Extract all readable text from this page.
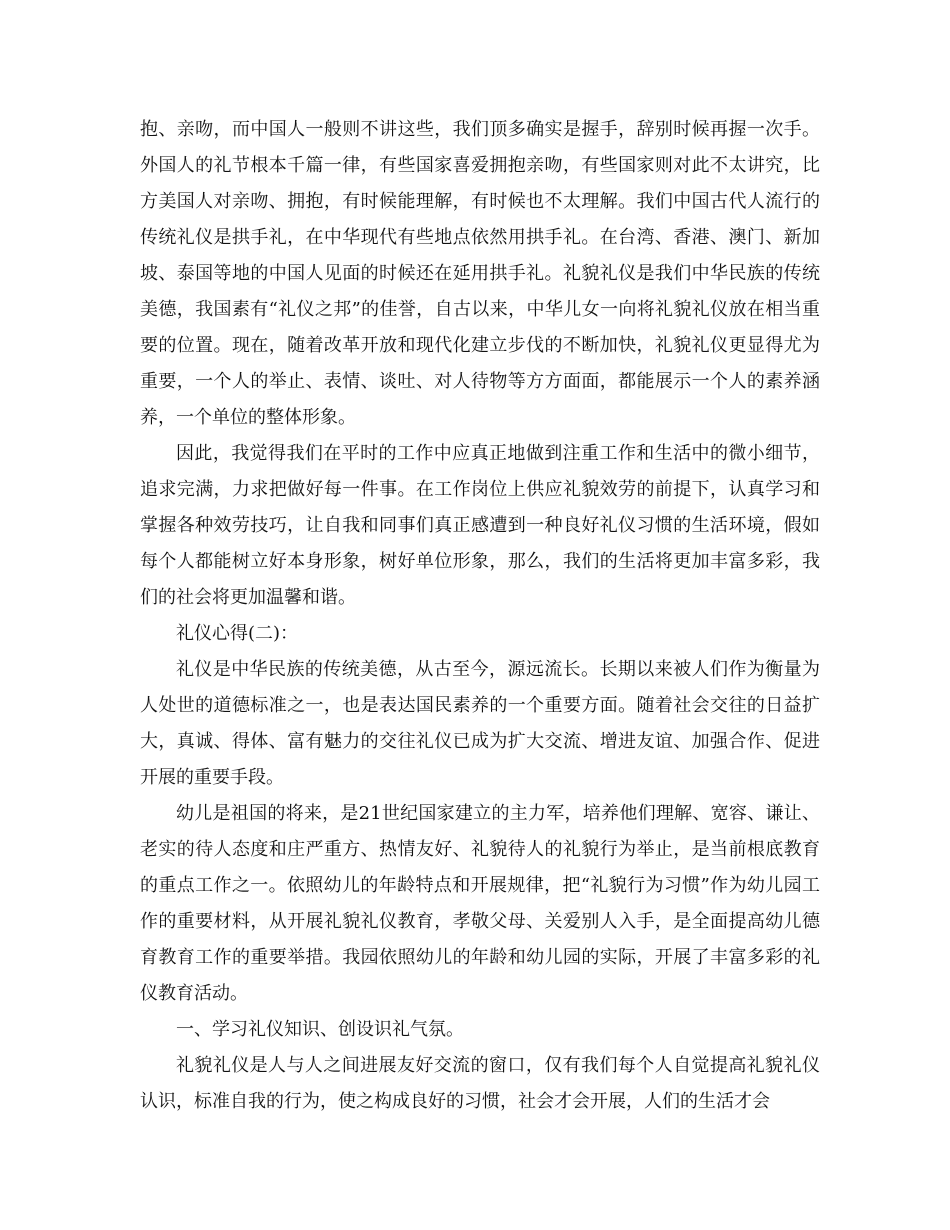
抱、亲吻，而中国人一般则不讲这些，我们顶多确实是握手，辞别时候再握一次手。外国人的礼节根本千篇一律，有些国家喜爱拥抱亲吻，有些国家则对此不太讲究，比方美国人对亲吻、拥抱，有时候能理解，有时候也不太理解。我们中国古代人流行的传统礼仪是拱手礼，在中华现代有些地点依然用拱手礼。在台湾、香港、澳门、新加坡、泰国等地的中国人见面的时候还在延用拱手礼。礼貌礼仪是我们中华民族的传统美德，我国素有“礼仪之邦”的佳誉，自古以来，中华儿女一向将礼貌礼仪放在相当重要的位置。现在，随着改革开放和现代化建立步伐的不断加快，礼貌礼仪更显得尤为重要，一个人的举止、表情、谈吐、对人待物等方方面面，都能展示一个人的素养涵养，一个单位的整体形象。

因此，我觉得我们在平时的工作中应真正地做到注重工作和生活中的微小细节，追求完满，力求把做好每一件事。在工作岗位上供应礼貌效劳的前提下，认真学习和掌握各种效劳技巧，让自我和同事们真正感遭到一种良好礼仪习惯的生活环境，假如每个人都能树立好本身形象，树好单位形象，那么，我们的生活将更加丰富多彩，我们的社会将更加温馨和谐。

礼仪心得(二)：

礼仪是中华民族的传统美德，从古至今，源远流长。长期以来被人们作为衡量为人处世的道德标准之一，也是表达国民素养的一个重要方面。随着社会交往的日益扩大，真诚、得体、富有魅力的交往礼仪已成为扩大交流、增进友谊、加强合作、促进开展的重要手段。

幼儿是祖国的将来，是21世纪国家建立的主力军，培养他们理解、宽容、谦让、老实的待人态度和庄严重方、热情友好、礼貌待人的礼貌行为举止，是当前根底教育的重点工作之一。依照幼儿的年龄特点和开展规律，把“礼貌行为习惯”作为幼儿园工作的重要材料，从开展礼貌礼仪教育，孝敬父母、关爱别人入手，是全面提高幼儿德育教育工作的重要举措。我园依照幼儿的年龄和幼儿园的实际，开展了丰富多彩的礼仪教育活动。

一、学习礼仪知识、创设识礼气氛。

礼貌礼仪是人与人之间进展友好交流的窗口，仅有我们每个人自觉提高礼貌礼仪认识，标准自我的行为，使之构成良好的习惯，社会才会开展，人们的生活才会
